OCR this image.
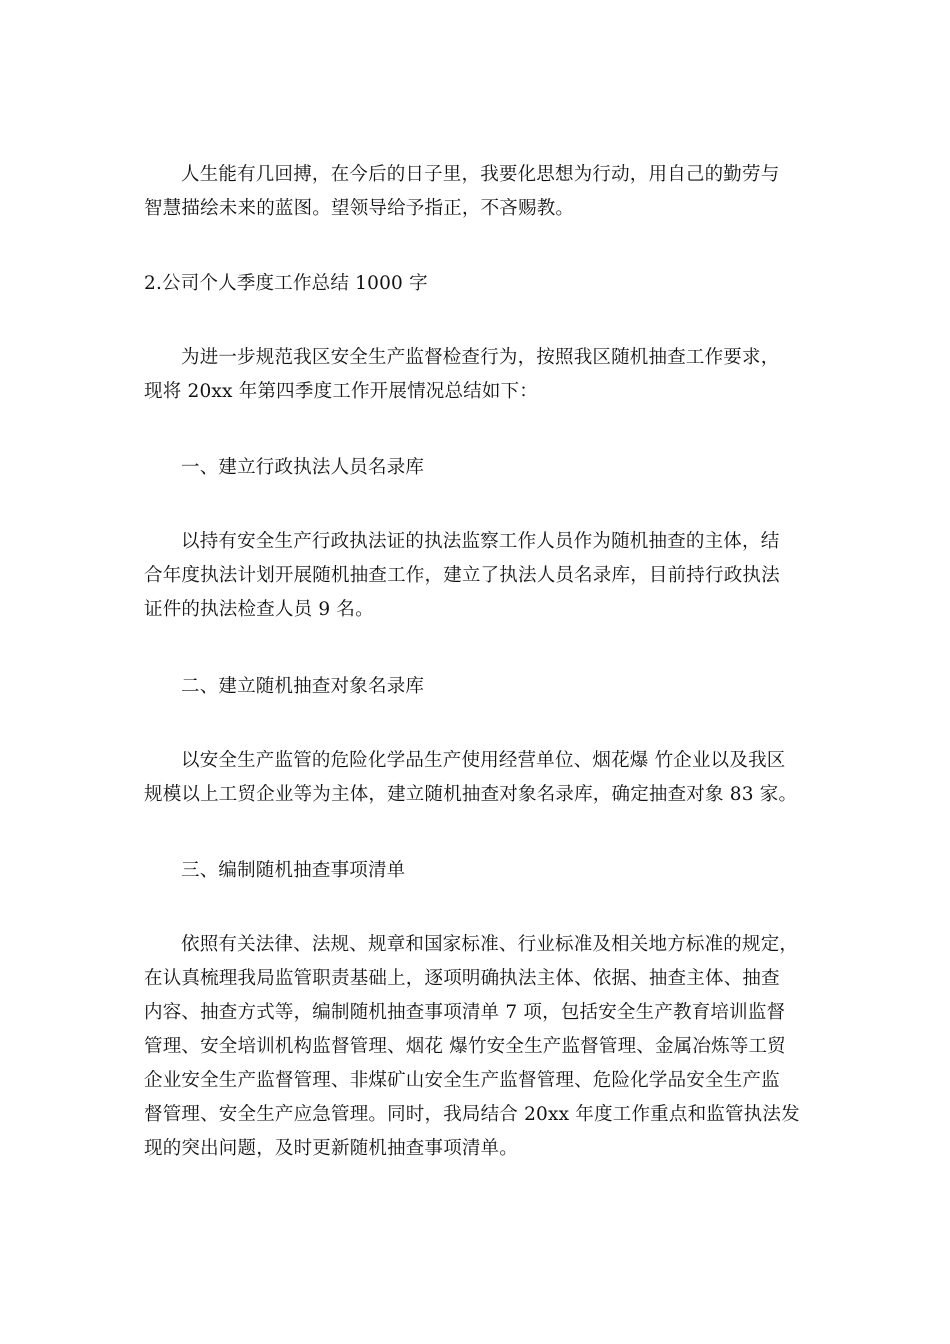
人生能有几回搏，在今后的日子里，我要化思想为行动，用自己的勤劳与
智慧描绘未来的蓝图。望领导给予指正，不吝赐教。
2.公司个人季度工作总结 1000 字
为进一步规范我区安全生产监督检查行为，按照我区随机抽查工作要求，
现将 20xx 年第四季度工作开展情况总结如下：
一、建立行政执法人员名录库
以持有安全生产行政执法证的执法监察工作人员作为随机抽查的主体，结
合年度执法计划开展随机抽查工作，建立了执法人员名录库，目前持行政执法
证件的执法检查人员 9 名。
二、建立随机抽查对象名录库
以安全生产监管的危险化学品生产使用经营单位、烟花爆 竹企业以及我区
规模以上工贸企业等为主体，建立随机抽查对象名录库，确定抽查对象 83 家。
三、编制随机抽查事项清单
依照有关法律、法规、规章和国家标准、行业标准及相关地方标准的规定，
在认真梳理我局监管职责基础上，逐项明确执法主体、依据、抽查主体、抽查
内容、抽查方式等，编制随机抽查事项清单 7 项，包括安全生产教育培训监督
管理、安全培训机构监督管理、烟花 爆竹安全生产监督管理、金属冶炼等工贸
企业安全生产监督管理、非煤矿山安全生产监督管理、危险化学品安全生产监
督管理、安全生产应急管理。同时，我局结合 20xx 年度工作重点和监管执法发
现的突出问题，及时更新随机抽查事项清单。
